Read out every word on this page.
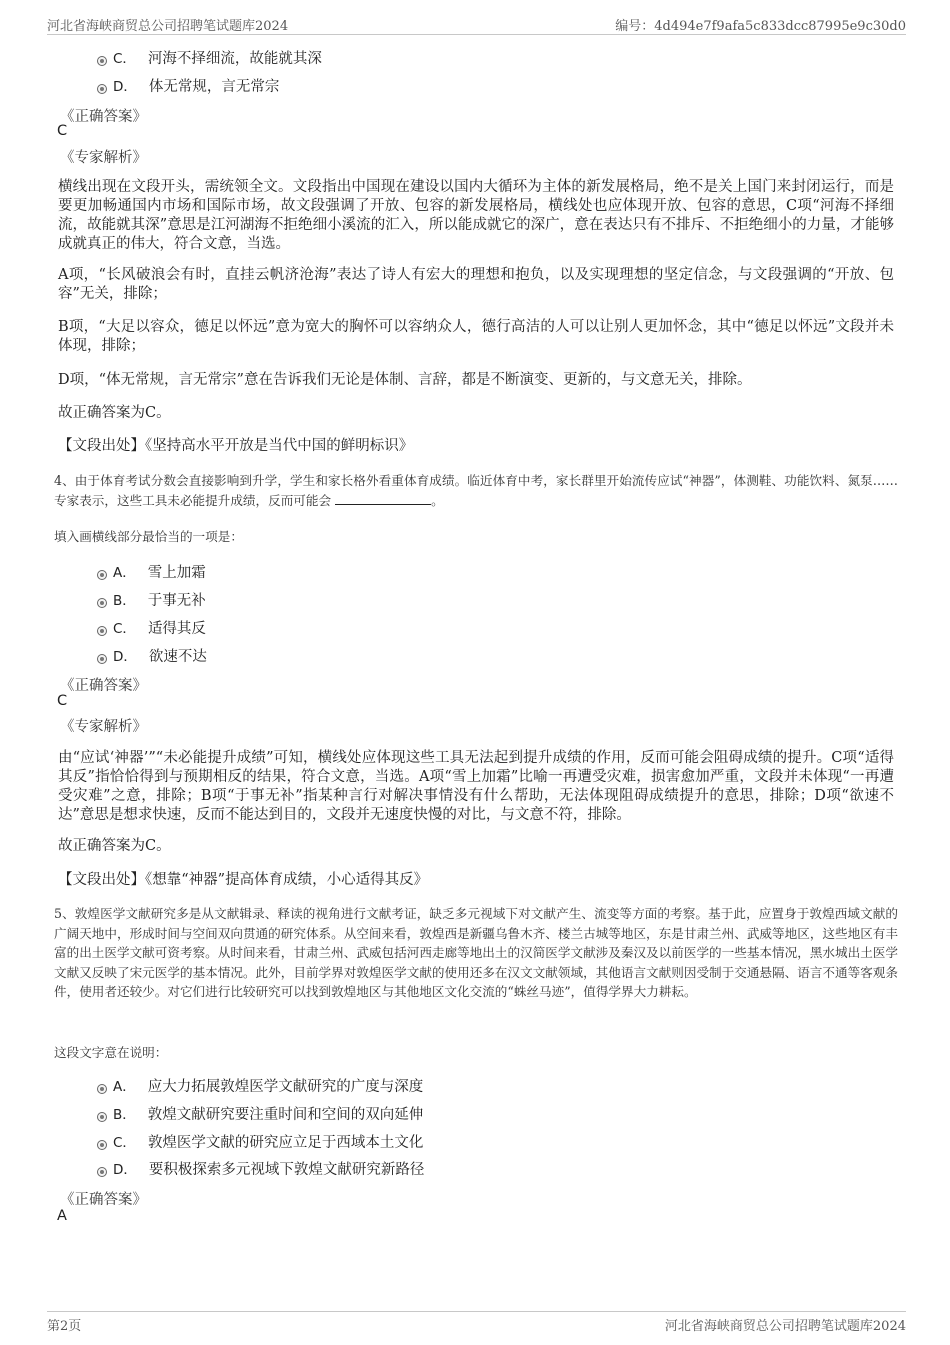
河北省海峡商贸总公司招聘笔试题库2024	编号：4d494e7f9afa5c833dcc87995e9c30d0
C． 河海不择细流，故能就其深
D． 体无常规，言无常宗
《正确答案》
C
《专家解析》

横线出现在文段开头，需统领全文。文段指出中国现在建设以国内大循环为主体的新发展格局，绝不是关上国门来封闭运行，而是要更加畅通国内市场和国际市场，故文段强调了开放、包容的新发展格局，横线处也应体现开放、包容的意思，C项“河海不择细流，故能就其深”意思是江河湖海不拒绝细小溪流的汇入，所以能成就它的深广，意在表达只有不排斥、不拒绝细小的力量，才能够成就真正的伟大，符合文意，当选。

A项，“长风破浪会有时，直挂云帆济沧海”表达了诗人有宏大的理想和抱负，以及实现理想的坚定信念，与文段强调的“开放、包容”无关，排除；

B项，“大足以容众，德足以怀远”意为宽大的胸怀可以容纳众人，德行高洁的人可以让别人更加怀念，其中“德足以怀远”文段并未体现，排除；

D项，“体无常规，言无常宗”意在告诉我们无论是体制、言辞，都是不断演变、更新的，与文意无关，排除。

故正确答案为C。

【文段出处】《坚持高水平开放是当代中国的鲜明标识》

4、由于体育考试分数会直接影响到升学，学生和家长格外看重体育成绩。临近体育中考，家长群里开始流传应试“神器”，体测鞋、功能饮料、氮泵……专家表示，这些工具未必能提升成绩，反而可能会	。

填入画横线部分最恰当的一项是：
A． 雪上加霜
B． 于事无补
C． 适得其反
D． 欲速不达
《正确答案》
C
《专家解析》

由“应试‘神器’”“未必能提升成绩”可知，横线处应体现这些工具无法起到提升成绩的作用，反而可能会阻碍成绩的提升。C项“适得其反”指恰恰得到与预期相反的结果，符合文意，当选。A项“雪上加霜”比喻一再遭受灾难，损害愈加严重，文段并未体现“一再遭受灾难”之意，排除；B项“于事无补”指某种言行对解决事情没有什么帮助，无法体现阻碍成绩提升的意思，排除；D项“欲速不达”意思是想求快速，反而不能达到目的，文段并无速度快慢的对比，与文意不符，排除。

故正确答案为C。

【文段出处】《想靠“神器”提高体育成绩，小心适得其反》

5、敦煌医学文献研究多是从文献辑录、释读的视角进行文献考证，缺乏多元视域下对文献产生、流变等方面的考察。基于此，应置身于敦煌西域文献的广阔天地中，形成时间与空间双向贯通的研究体系。从空间来看，敦煌西是新疆乌鲁木齐、楼兰古城等地区，东是甘肃兰州、武威等地区，这些地区有丰富的出土医学文献可资考察。从时间来看，甘肃兰州、武威包括河西走廊等地出土的汉简医学文献涉及秦汉及以前医学的一些基本情况，黑水城出土医学文献又反映了宋元医学的基本情况。此外，目前学界对敦煌医学文献的使用还多在汉文文献领域，其他语言文献则因受制于交通悬隔、语言不通等客观条件，使用者还较少。对它们进行比较研究可以找到敦煌地区与其他地区文化交流的“蛛丝马迹”，值得学界大力耕耘。

这段文字意在说明：
A． 应大力拓展敦煌医学文献研究的广度与深度
B． 敦煌文献研究要注重时间和空间的双向延伸
C． 敦煌医学文献的研究应立足于西域本土文化
D． 要积极探索多元视域下敦煌文献研究新路径
《正确答案》
A
第2页	河北省海峡商贸总公司招聘笔试题库2024
